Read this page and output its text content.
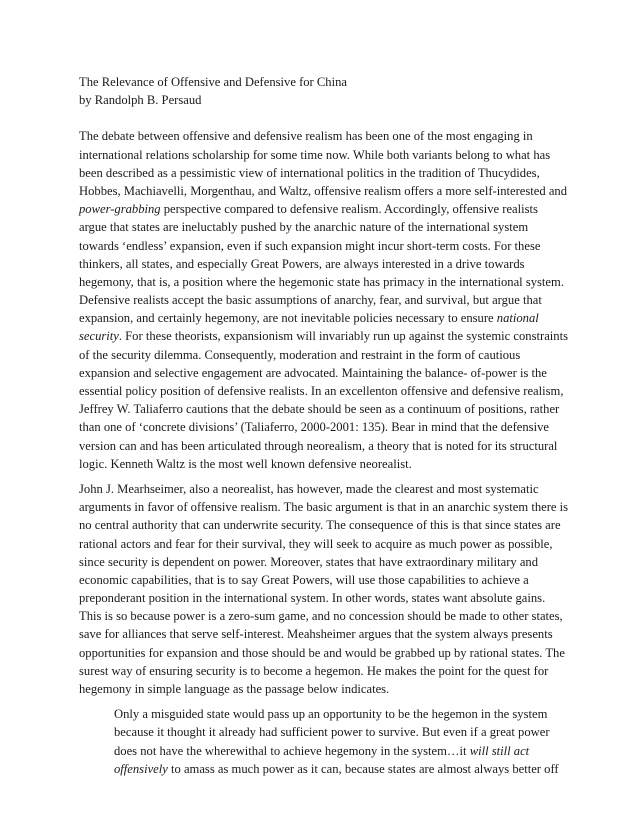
The Relevance of Offensive and Defensive for China
by Randolph B. Persaud
The debate between offensive and defensive realism has been one of the most engaging in
international relations scholarship for some time now. While both variants belong to what has
been described as a pessimistic view of international politics in the tradition of Thucydides,
Hobbes, Machiavelli, Morgenthau, and Waltz, offensive realism offers a more self-interested and
power-grabbing perspective compared to defensive realism. Accordingly, offensive realists
argue that states are ineluctably pushed by the anarchic nature of the international system
towards ‘endless’ expansion, even if such expansion might incur short-term costs. For these
thinkers, all states, and especially Great Powers, are always interested in a drive towards
hegemony, that is, a position where the hegemonic state has primacy in the international system.
Defensive realists accept the basic assumptions of anarchy, fear, and survival, but argue that
expansion, and certainly hegemony, are not inevitable policies necessary to ensure national
security. For these theorists, expansionism will invariably run up against the systemic constraints
of the security dilemma. Consequently, moderation and restraint in the form of cautious
expansion and selective engagement are advocated. Maintaining the balance- of-power is the
essential policy position of defensive realists. In an excellenton offensive and defensive realism,
Jeffrey W. Taliaferro cautions that the debate should be seen as a continuum of positions, rather
than one of ‘concrete divisions’ (Taliaferro, 2000-2001: 135). Bear in mind that the defensive
version can and has been articulated through neorealism, a theory that is noted for its structural
logic. Kenneth Waltz is the most well known defensive neorealist.
John J. Mearhseimer, also a neorealist, has however, made the clearest and most systematic
arguments in favor of offensive realism. The basic argument is that in an anarchic system there is
no central authority that can underwrite security. The consequence of this is that since states are
rational actors and fear for their survival, they will seek to acquire as much power as possible,
since security is dependent on power. Moreover, states that have extraordinary military and
economic capabilities, that is to say Great Powers, will use those capabilities to achieve a
preponderant position in the international system. In other words, states want absolute gains.
This is so because power is a zero-sum game, and no concession should be made to other states,
save for alliances that serve self-interest. Meahsheimer argues that the system always presents
opportunities for expansion and those should be and would be grabbed up by rational states. The
surest way of ensuring security is to become a hegemon. He makes the point for the quest for
hegemony in simple language as the passage below indicates.
Only a misguided state would pass up an opportunity to be the hegemon in the system
because it thought it already had sufficient power to survive. But even if a great power
does not have the wherewithal to achieve hegemony in the system…it will still act
offensively to amass as much power as it can, because states are almost always better off
